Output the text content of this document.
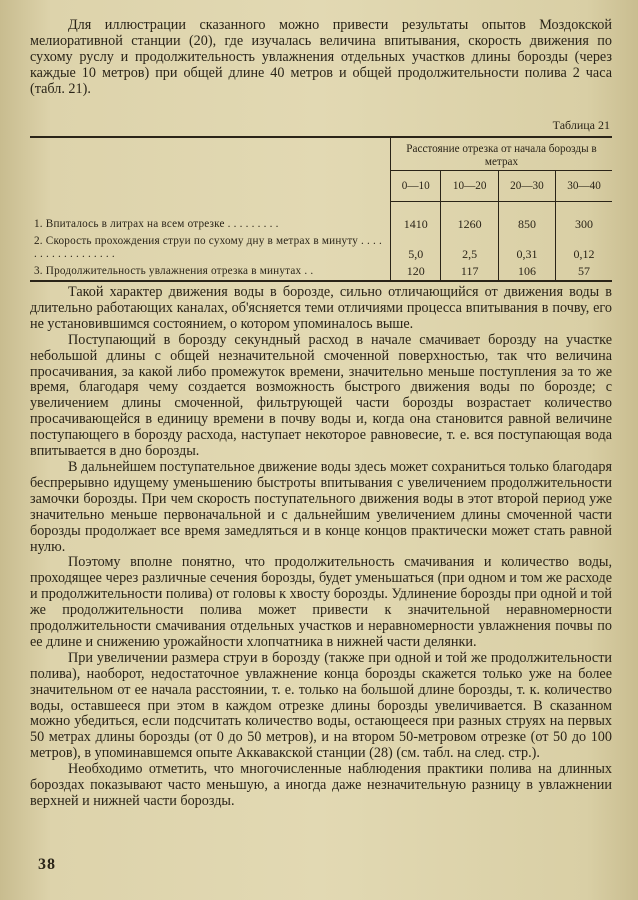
Для иллюстрации сказанного можно привести результаты опытов Моздокской мелиоративной станции (20), где изучалась величина впитывания, скорость движения по сухому руслу и продолжительность увлажнения отдельных участков длины борозды (через каждые 10 метров) при общей длине 40 метров и общей продолжительности полива 2 часа (табл. 21).

Таблица 21
	Расстояние отрезка от начала борозды в метрах			
	0—10	10—20	20—30	30—40
1. Впиталось в литрах на всем отрезке . . . . . . . . .	1410	1260	850	300
2. Скорость прохождения струи по сухому дну в метрах в минуту . . . . . . . . . . . . . . . . . .	5,0	2,5	0,31	0,12
3. Продолжительность увлажнения отрезка в минутах . .	120	117	106	57

Такой характер движения воды в борозде, сильно отличающийся от движения воды в длительно работающих каналах, об'ясняется теми отличиями процесса впитывания в почву, его не установившимся состоянием, о котором упоминалось выше.

Поступающий в борозду секундный расход в начале смачивает борозду на участке небольшой длины с общей незначительной смоченной поверхностью, так что величина просачивания, за какой либо промежуток времени, значительно меньше поступления за то же время, благодаря чему создается возможность быстрого движения воды по борозде; с увеличением длины смоченной, фильтрующей части борозды возрастает количество просачивающейся в единицу времени в почву воды и, когда она становится равной величине поступающего в борозду расхода, наступает некоторое равновесие, т. е. вся поступающая вода впитывается в дно борозды.

В дальнейшем поступательное движение воды здесь может сохраниться только благодаря беспрерывно идущему уменьшению быстроты впитывания с увеличением продолжительности замочки борозды. При чем скорость поступательного движения воды в этот второй период уже значительно меньше первоначальной и с дальнейшим увеличением длины смоченной части борозды продолжает все время замедляться и в конце концов практически может стать равной нулю.

Поэтому вполне понятно, что продолжительность смачивания и количество воды, проходящее через различные сечения борозды, будет уменьшаться (при одном и том же расходе и продолжительности полива) от головы к хвосту борозды. Удлинение борозды при одной и той же продолжительности полива может привести к значительной неравномерности продолжительности смачивания отдельных участков и неравномерности увлажнения почвы по ее длине и снижению урожайности хлопчатника в нижней части делянки.

При увеличении размера струи в борозду (также при одной и той же продолжительности полива), наоборот, недостаточное увлажнение конца борозды скажется только уже на более значительном от ее начала расстоянии, т. е. только на большой длине борозды, т. к. количество воды, оставшееся при этом в каждом отрезке длины борозды увеличивается. В сказанном можно убедиться, если подсчитать количество воды, остающееся при разных струях на первых 50 метрах длины борозды (от 0 до 50 метров), и на втором 50-метровом отрезке (от 50 до 100 метров), в упоминавшемся опыте Аккавакской станции (28) (см. табл. на след. стр.).

Необходимо отметить, что многочисленные наблюдения практики полива на длинных бороздах показывают часто меньшую, а иногда даже незначительную разницу в увлажнении верхней и нижней части борозды.

38
